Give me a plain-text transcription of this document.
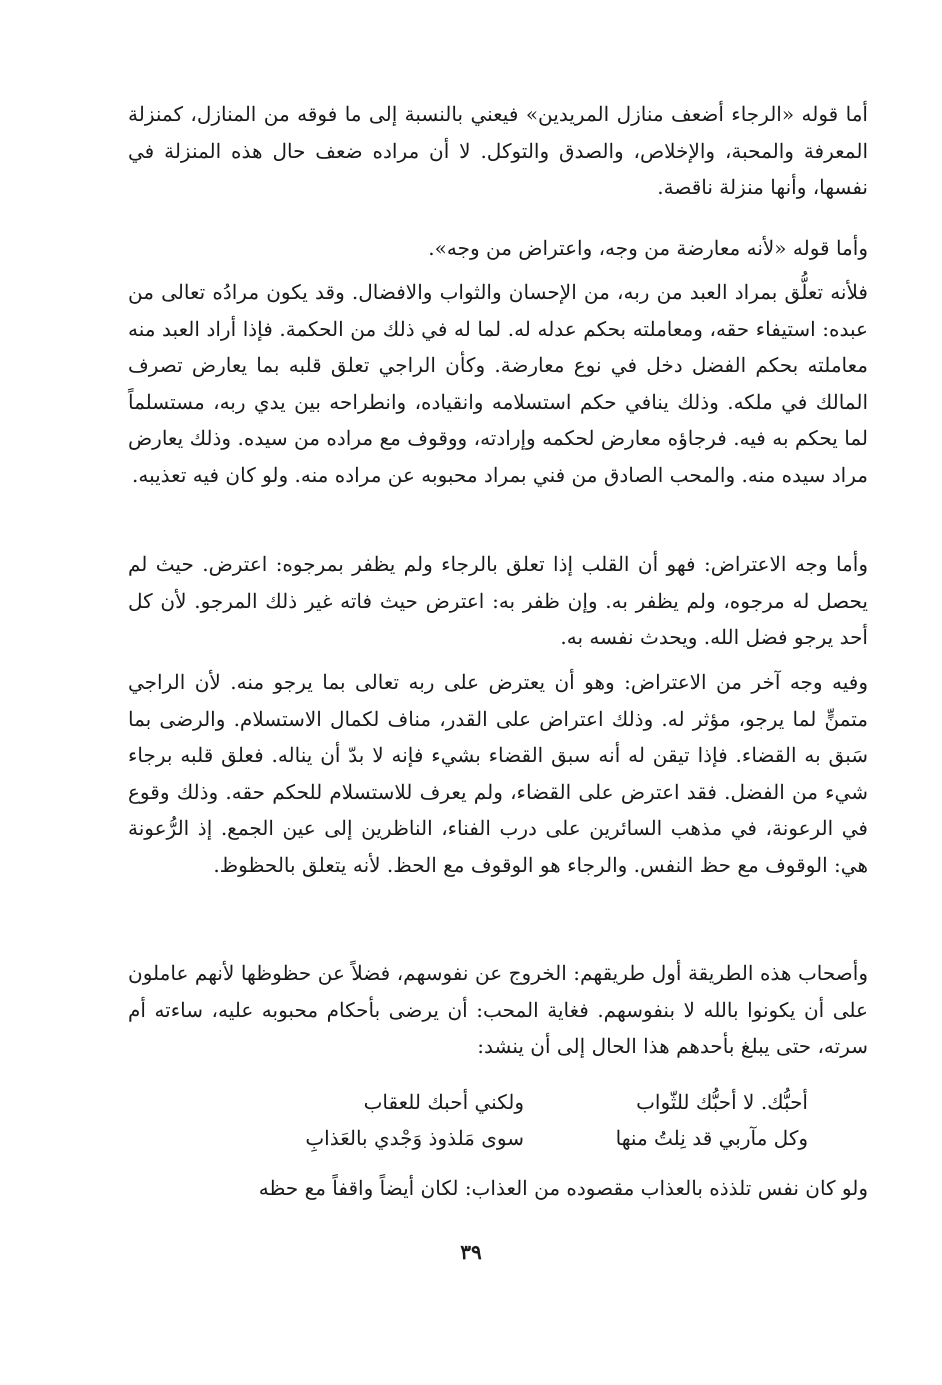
أما قوله «الرجاء أضعف منازل المريدين» فيعني بالنسبة إلى ما فوقه من المنازل، كمنزلة المعرفة والمحبة، والإخلاص، والصدق والتوكل. لا أن مراده ضعف حال هذه المنزلة في نفسها، وأنها منزلة ناقصة.

وأما قوله «لأنه معارضة من وجه، واعتراض من وجه».

فلأنه تعلُّق بمراد العبد من ربه، من الإحسان والثواب والافضال. وقد يكون مرادُه تعالى من عبده: استيفاء حقه، ومعاملته بحكم عدله له. لما له في ذلك من الحكمة. فإذا أراد العبد منه معاملته بحكم الفضل دخل في نوع معارضة. وكأن الراجي تعلق قلبه بما يعارض تصرف المالك في ملكه. وذلك ينافي حكم استسلامه وانقياده، وانطراحه بين يدي ربه، مستسلماً لما يحكم به فيه. فرجاؤه معارض لحكمه وإرادته، ووقوف مع مراده من سيده. وذلك يعارض مراد سيده منه. والمحب الصادق من فني بمراد محبوبه عن مراده منه. ولو كان فيه تعذيبه.

وأما وجه الاعتراض: فهو أن القلب إذا تعلق بالرجاء ولم يظفر بمرجوه: اعترض. حيث لم يحصل له مرجوه، ولم يظفر به. وإن ظفر به: اعترض حيث فاته غير ذلك المرجو. لأن كل أحد يرجو فضل الله. ويحدث نفسه به.

وفيه وجه آخر من الاعتراض: وهو أن يعترض على ربه تعالى بما يرجو منه. لأن الراجي متمنٍّ لما يرجو، مؤثر له. وذلك اعتراض على القدر، مناف لكمال الاستسلام. والرضى بما سَبق به القضاء. فإذا تيقن له أنه سبق القضاء بشيء فإنه لا بدّ أن يناله. فعلق قلبه برجاء شيء من الفضل. فقد اعترض على القضاء، ولم يعرف للاستسلام للحكم حقه. وذلك وقوع في الرعونة، في مذهب السائرين على درب الفناء، الناظرين إلى عين الجمع. إذ الرُّعونة هي: الوقوف مع حظ النفس. والرجاء هو الوقوف مع الحظ. لأنه يتعلق بالحظوظ.

وأصحاب هذه الطريقة أول طريقهم: الخروج عن نفوسهم، فضلاً عن حظوظها لأنهم عاملون على أن يكونوا بالله لا بنفوسهم. فغاية المحب: أن يرضى بأحكام محبوبه عليه، ساءته أم سرته، حتى يبلغ بأحدهم هذا الحال إلى أن ينشد:

أحبُّك. لا أحبُّك للثّواب

ولكني أحبك للعقاب

وكل مآربي قد نِلتُ منها

سوى مَلذوذ وَجْدي بالعَذابِ

ولو كان نفس تلذذه بالعذاب مقصوده من العذاب: لكان أيضاً واقفاً مع حظه

٣٩
